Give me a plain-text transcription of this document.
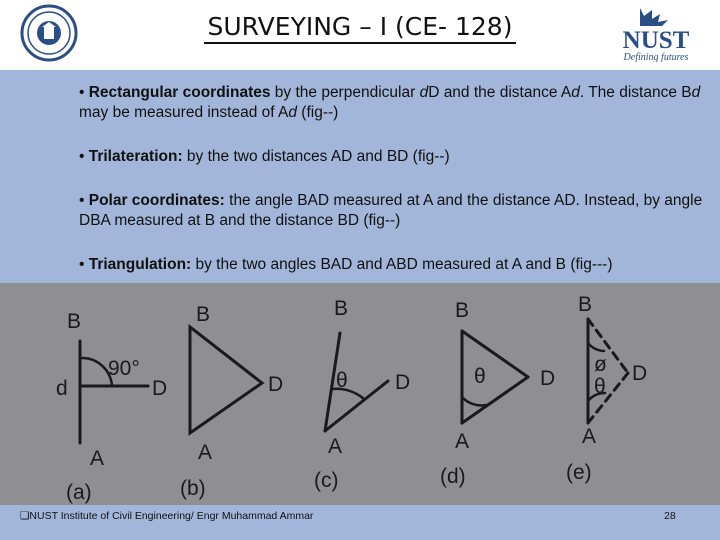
SURVEYING – I (CE- 128)	NUST
Defining futures
• Rectangular coordinates by the perpendicular dD and the distance Ad. The distance Bd may be measured instead of Ad (fig--)
• Trilateration: by the two distances AD and BD (fig--)
• Polar coordinates: the angle BAD measured at A and the distance AD. Instead, by angle DBA measured at B and the distance BD (fig--)
• Triangulation: by the two angles BAD and ABD measured at A and B (fig---)
B
90°
d	D
A
(a)
B
D
A
(b)
B
θ D
A
(c)
B
θ	D
A
(d)
B
ø
θ
D
A
(e)
❑NUST Institute of Civil Engineering/ Engr Muhammad Ammar	28
